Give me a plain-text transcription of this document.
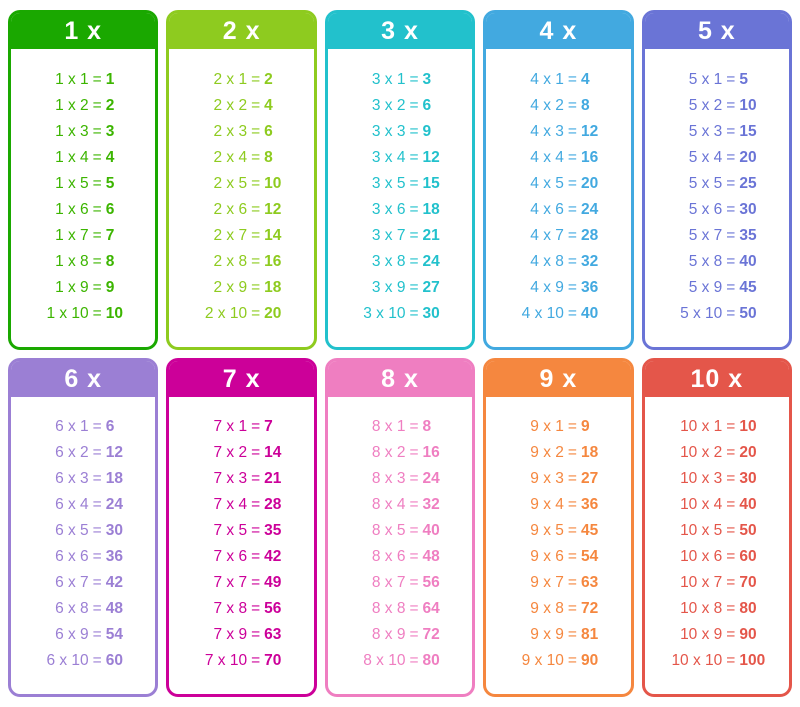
1 x
1 x 1 = 1
1 x 2 = 2
1 x 3 = 3
1 x 4 = 4
1 x 5 = 5
1 x 6 = 6
1 x 7 = 7
1 x 8 = 8
1 x 9 = 9
1 x 10 = 10
2 x
2 x 1 = 2
2 x 2 = 4
2 x 3 = 6
2 x 4 = 8
2 x 5 = 10
2 x 6 = 12
2 x 7 = 14
2 x 8 = 16
2 x 9 = 18
2 x 10 = 20
3 x
3 x 1 = 3
3 x 2 = 6
3 x 3 = 9
3 x 4 = 12
3 x 5 = 15
3 x 6 = 18
3 x 7 = 21
3 x 8 = 24
3 x 9 = 27
3 x 10 = 30
4 x
4 x 1 = 4
4 x 2 = 8
4 x 3 = 12
4 x 4 = 16
4 x 5 = 20
4 x 6 = 24
4 x 7 = 28
4 x 8 = 32
4 x 9 = 36
4 x 10 = 40
5 x
5 x 1 = 5
5 x 2 = 10
5 x 3 = 15
5 x 4 = 20
5 x 5 = 25
5 x 6 = 30
5 x 7 = 35
5 x 8 = 40
5 x 9 = 45
5 x 10 = 50
6 x
6 x 1 = 6
6 x 2 = 12
6 x 3 = 18
6 x 4 = 24
6 x 5 = 30
6 x 6 = 36
6 x 7 = 42
6 x 8 = 48
6 x 9 = 54
6 x 10 = 60
7 x
7 x 1 = 7
7 x 2 = 14
7 x 3 = 21
7 x 4 = 28
7 x 5 = 35
7 x 6 = 42
7 x 7 = 49
7 x 8 = 56
7 x 9 = 63
7 x 10 = 70
8 x
8 x 1 = 8
8 x 2 = 16
8 x 3 = 24
8 x 4 = 32
8 x 5 = 40
8 x 6 = 48
8 x 7 = 56
8 x 8 = 64
8 x 9 = 72
8 x 10 = 80
9 x
9 x 1 = 9
9 x 2 = 18
9 x 3 = 27
9 x 4 = 36
9 x 5 = 45
9 x 6 = 54
9 x 7 = 63
9 x 8 = 72
9 x 9 = 81
9 x 10 = 90
10 x
10 x 1 = 10
10 x 2 = 20
10 x 3 = 30
10 x 4 = 40
10 x 5 = 50
10 x 6 = 60
10 x 7 = 70
10 x 8 = 80
10 x 9 = 90
10 x 10 = 100
